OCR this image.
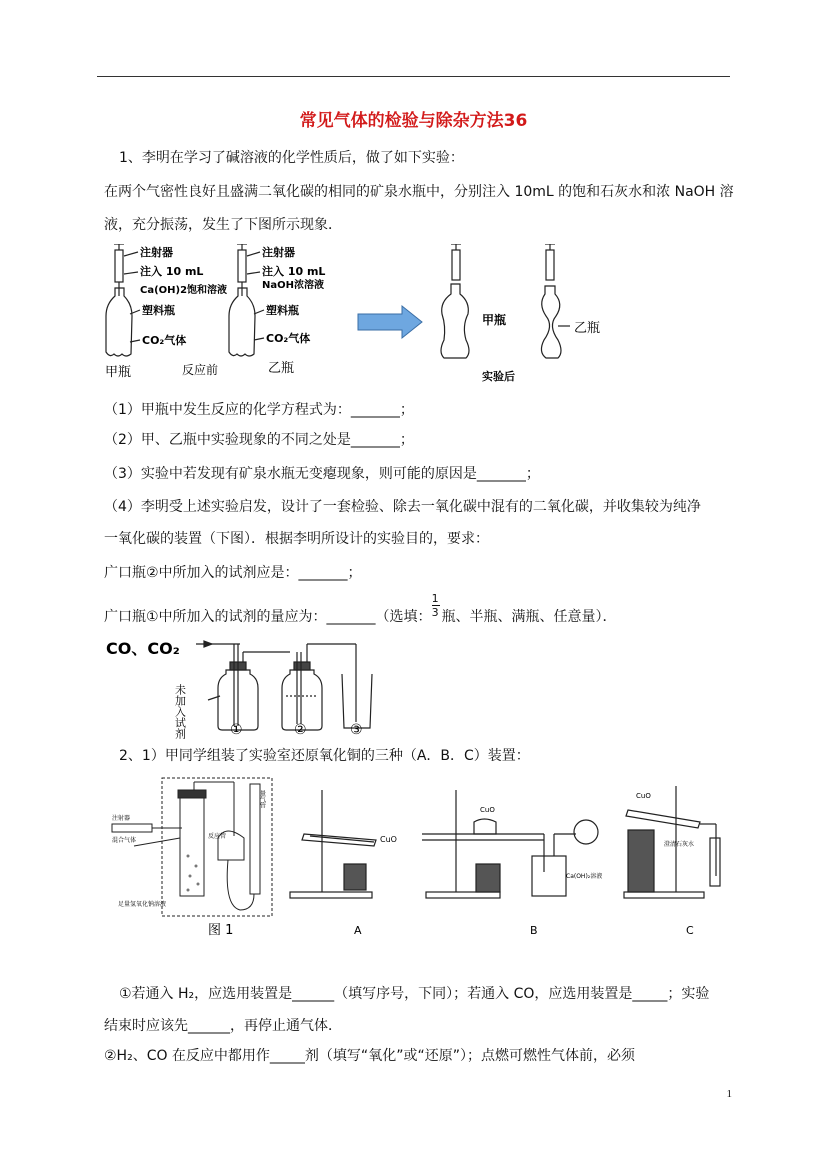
常见气体的检验与除杂方法36
1、李明在学习了碱溶液的化学性质后，做了如下实验：
在两个气密性良好且盛满二氧化碳的相同的矿泉水瓶中，分别注入 10mL 的饱和石灰水和浓 NaOH 溶
液，充分振荡，发生了下图所示现象．
注射器
注入 10 mL
Ca(OH)2饱和溶液
塑料瓶
CO₂气体
注射器
注入 10 mL
NaOH浓溶液
塑料瓶
CO₂气体
甲瓶	反应前	乙瓶
甲瓶
实验后
乙瓶
（1）甲瓶中发生反应的化学方程式为：_______；
（2）甲、乙瓶中实验现象的不同之处是_______；
（3）实验中若发现有矿泉水瓶无变瘪现象，则可能的原因是_______；
（4）李明受上述实验启发，设计了一套检验、除去一氧化碳中混有的二氧化碳，并收集较为纯净
一氧化碳的装置（下图）．根据李明所设计的实验目的，要求：
广口瓶②中所加入的试剂应是：_______；
广口瓶①中所加入的试剂的量应为：_______（选填： $\frac{1}{3}$ 瓶、半瓶、满瓶、任意量）．
CO、CO₂
未加入试剂	①	②	③
2、1）甲同学组装了实验室还原氧化铜的三种（A．B．C）装置：
注射器
混合气体
反应管
量气管
足量氢氧化钠溶液
图 1
CuO
A
CuO
Ca(OH)₂溶液
B
CuO
澄清石灰水
C
①若通入 H₂，应选用装置是______（填写序号，下同）；若通入 CO，应选用装置是_____；实验
结束时应该先______，再停止通气体．
②H₂、CO 在反应中都用作_____剂（填写“氧化”或“还原”）；点燃可燃性气体前，必须
1
